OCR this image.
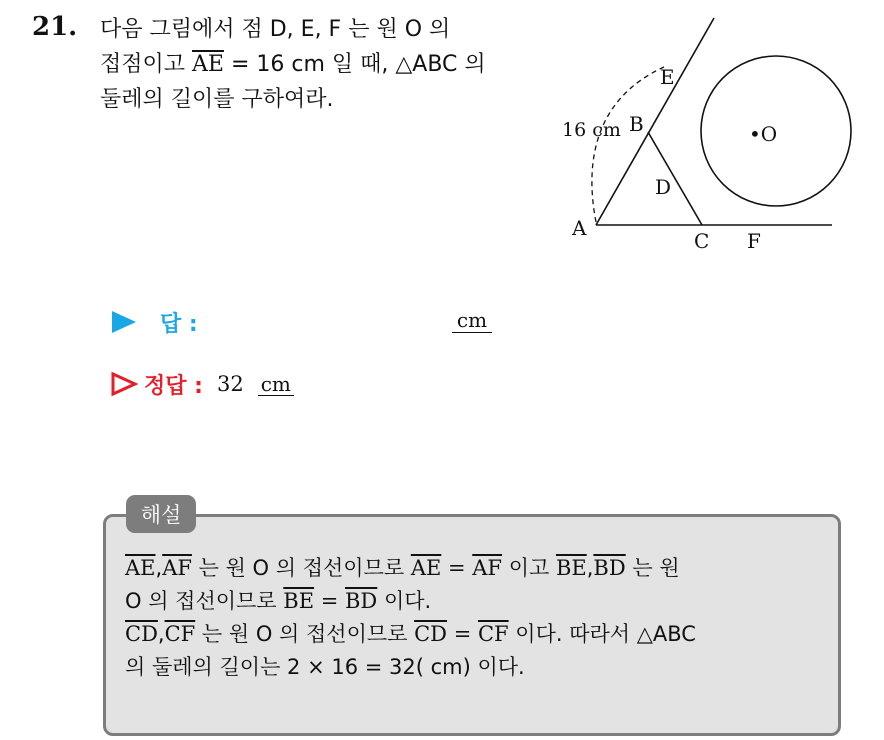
21. 다음 그림에서 점 D, E, F 는 원 O 의
접점이고 $\overline{AE} = 16$ cm 일 때, △ABC 의
둘레의 길이를 구하여라.
E
B	•O
D
A
C F
16 cm
답 :	cm
정답 : 32 cm
해설
$\overline{AE},\overline{AF}$ 는 원 O 의 접선이므로 $\overline{AE} = \overline{AF}$ 이고 $\overline{BE},\overline{BD}$ 는 원
O 의 접선이므로 $\overline{BE} = \overline{BD}$ 이다.
$\overline{CD},\overline{CF}$ 는 원 O 의 접선이므로 $\overline{CD} = \overline{CF}$ 이다. 따라서 △ABC
의 둘레의 길이는 2 × 16 = 32( cm) 이다.
